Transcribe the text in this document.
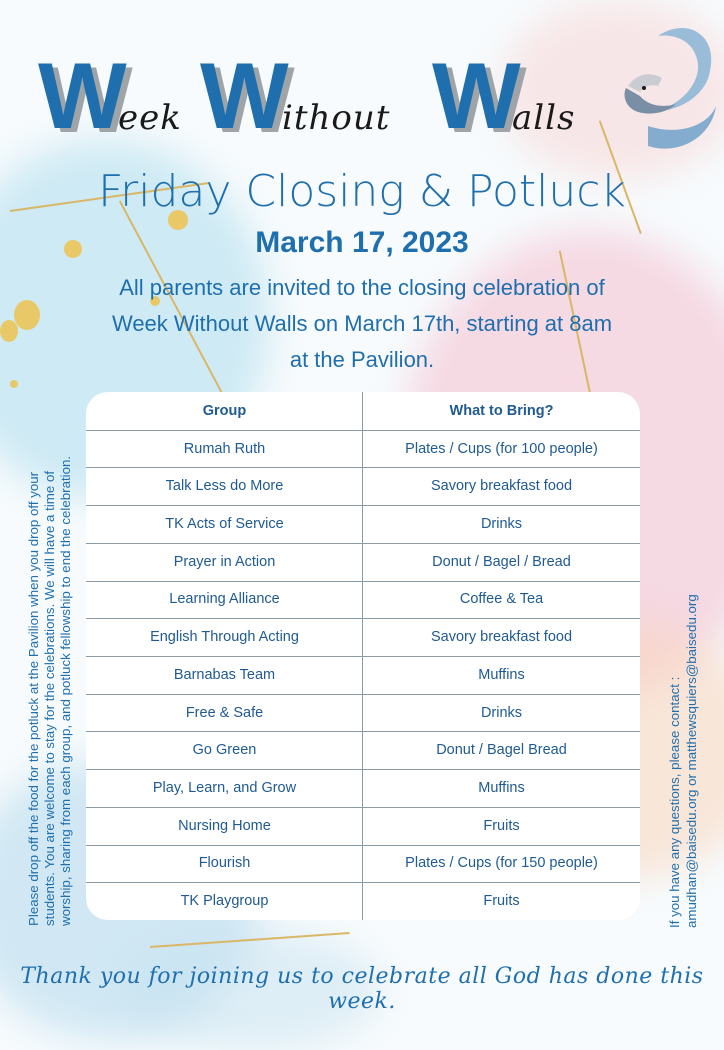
W
eek W
ithout W
alls
Friday Closing & Potluck
March 17, 2023
All parents are invited to the closing celebration of
Week Without Walls on March 17th, starting at 8am
at the Pavilion.
Group	What to Bring?
Rumah Ruth	Plates / Cups (for 100 people)
Talk Less do More	Savory breakfast food
TK Acts of Service	Drinks
Prayer in Action	Donut / Bagel / Bread
Learning Alliance	Coffee & Tea
English Through Acting	Savory breakfast food
Barnabas Team	Muffins
Free & Safe	Drinks
Go Green	Donut / Bagel Bread
Play, Learn, and Grow	Muffins
Nursing Home	Fruits
Flourish	Plates / Cups (for 150 people)
TK Playgroup	Fruits
Please drop off the food for the potluck at the Pavilion when you drop off your students. You are welcome to stay for the celebrations. We will have a time of worship, sharing from each group, and potluck fellowship to end the celebration.	If you have any questions, please contact : amudhan@baisedu.org or matthewsquiers@baisedu.org
Thank you for joining us to celebrate all God has done this week.
